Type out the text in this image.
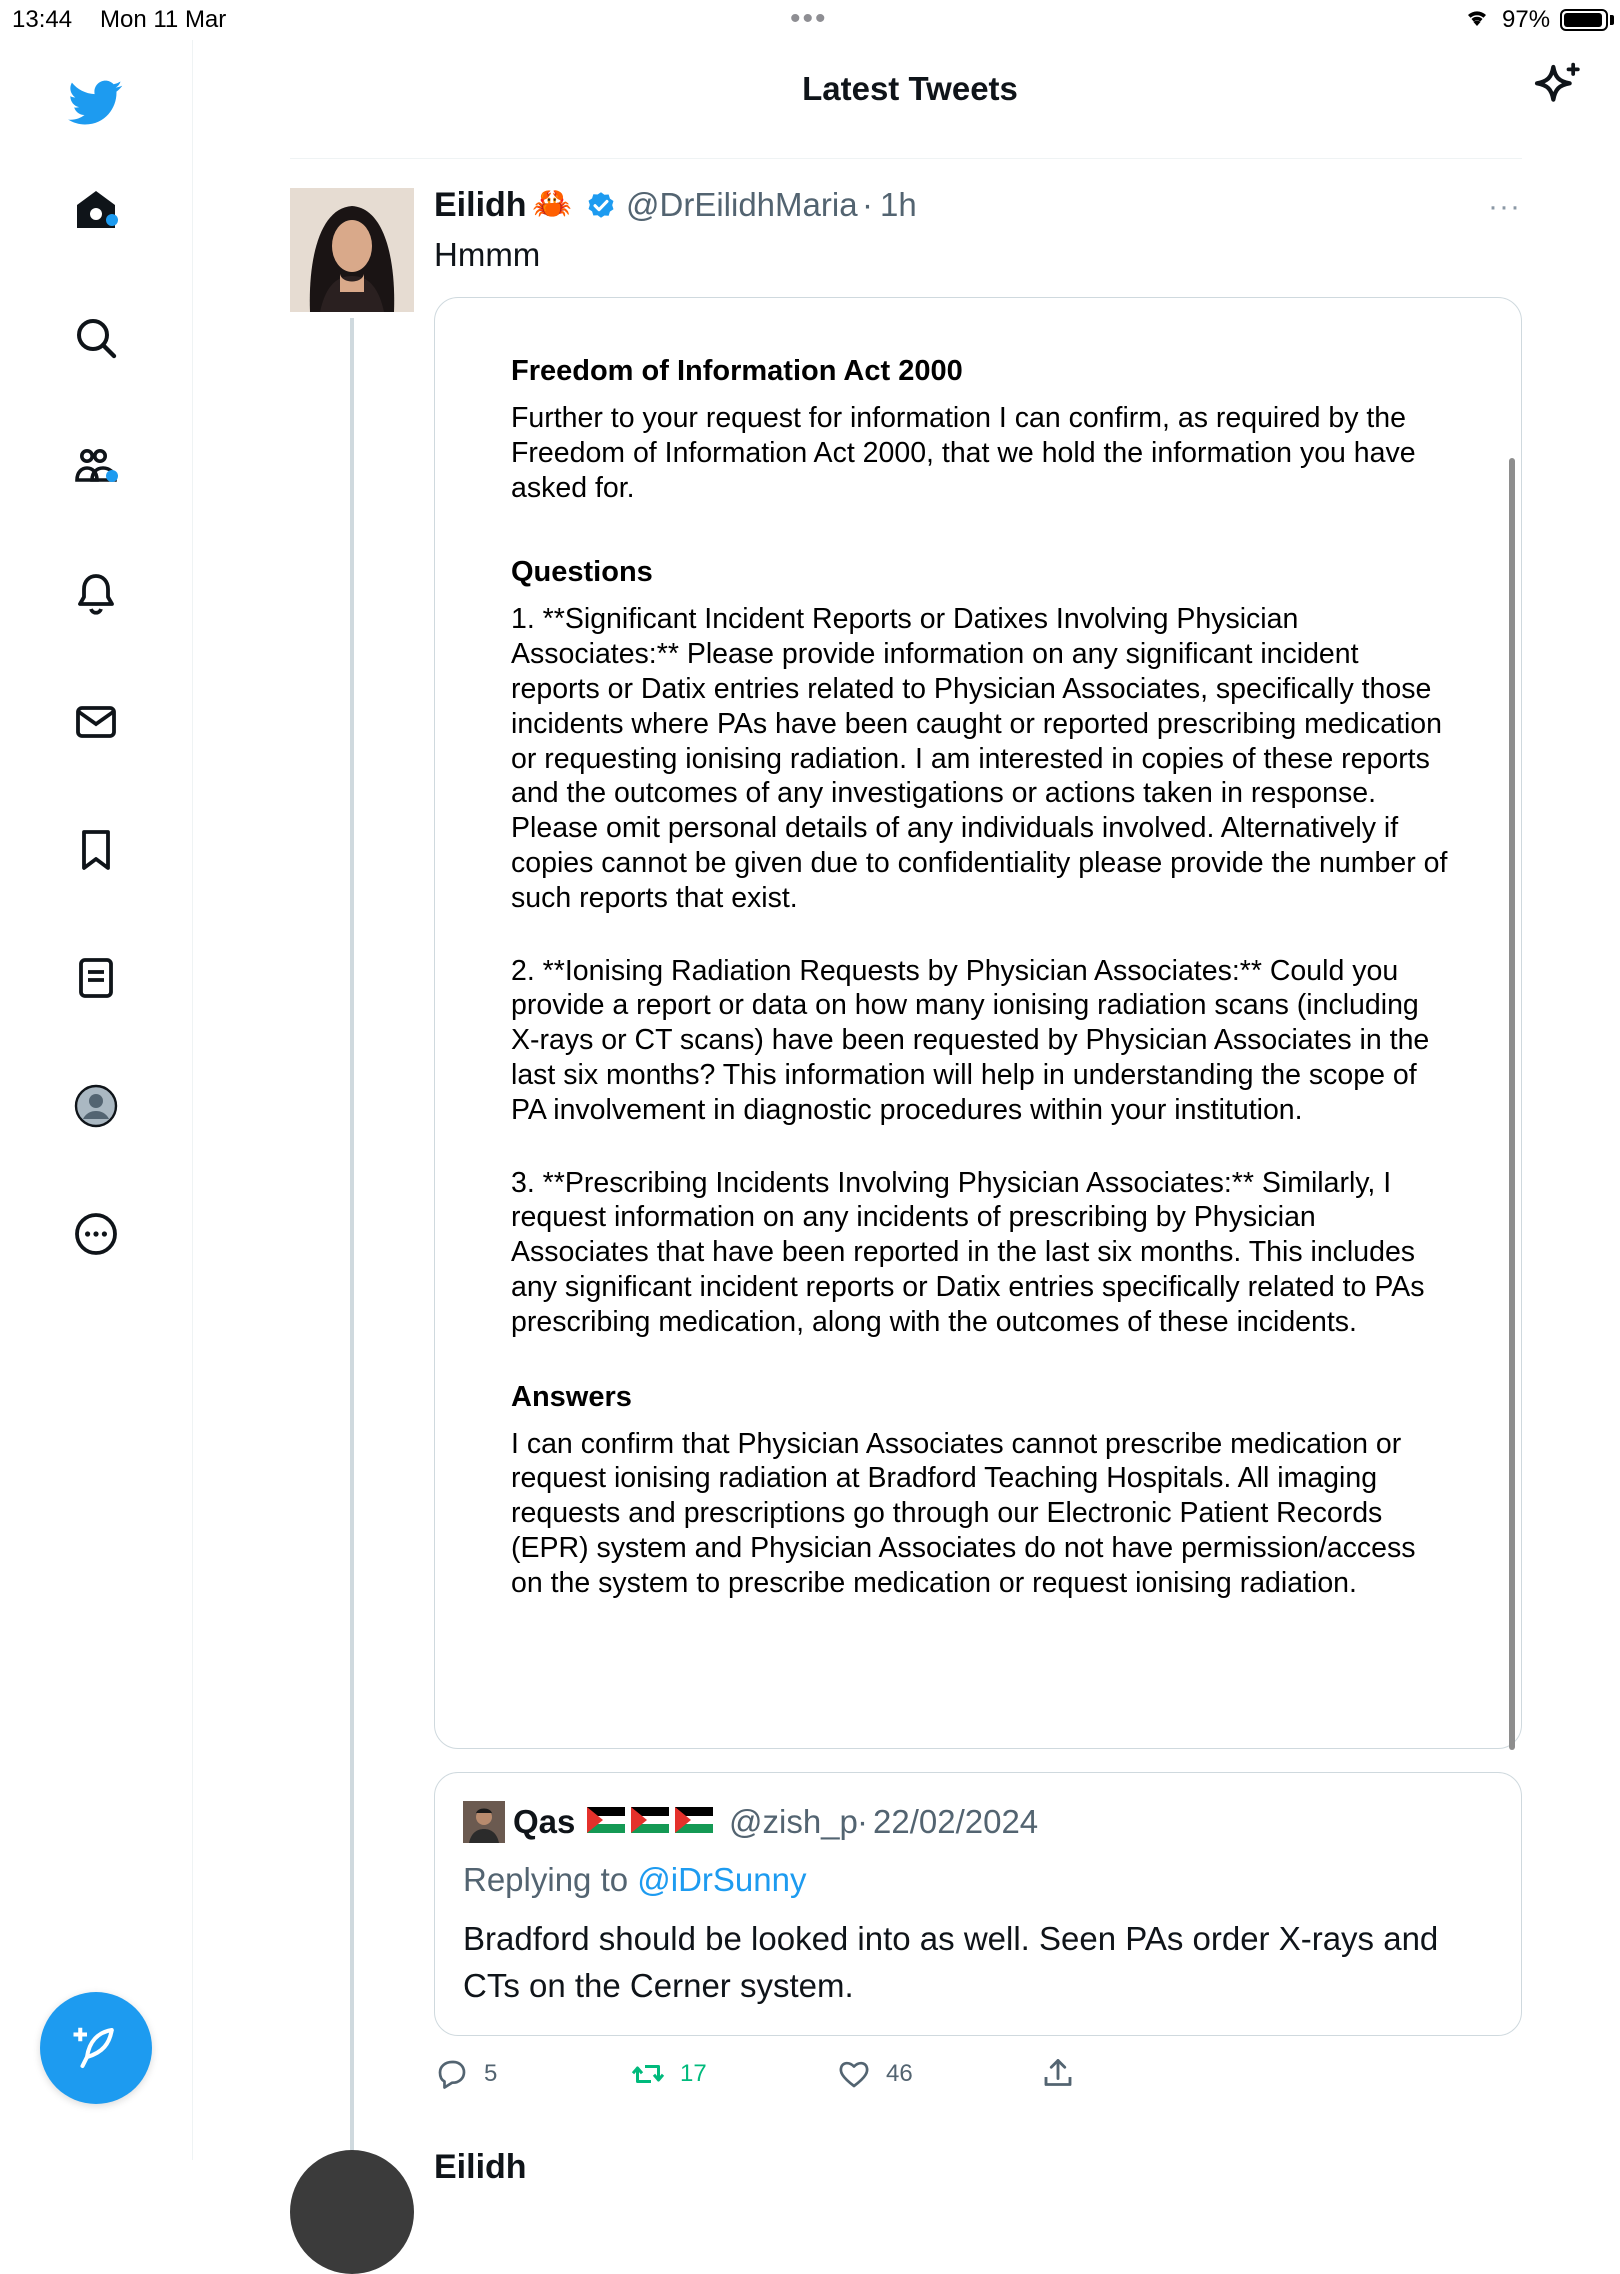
13:44 Mon 11 Mar	•••	97%
Latest Tweets
Eilidh 🦀 @DrEilidhMaria · 1h	···
Hmmm
Freedom of Information Act 2000
Further to your request for information I can confirm, as required by the Freedom of Information Act 2000, that we hold the information you have asked for.
Questions
1. **Significant Incident Reports or Datixes Involving Physician Associates:** Please provide information on any significant incident reports or Datix entries related to Physician Associates, specifically those incidents where PAs have been caught or reported prescribing medication or requesting ionising radiation. I am interested in copies of these reports and the outcomes of any investigations or actions taken in response. Please omit personal details of any individuals involved. Alternatively if copies cannot be given due to confidentiality please provide the number of such reports that exist.
2. **Ionising Radiation Requests by Physician Associates:** Could you provide a report or data on how many ionising radiation scans (including X-rays or CT scans) have been requested by Physician Associates in the last six months? This information will help in understanding the scope of PA involvement in diagnostic procedures within your institution.
3. **Prescribing Incidents Involving Physician Associates:** Similarly, I request information on any incidents of prescribing by Physician Associates that have been reported in the last six months. This includes any significant incident reports or Datix entries specifically related to PAs prescribing medication, along with the outcomes of these incidents.
Answers
I can confirm that Physician Associates cannot prescribe medication or request ionising radiation at Bradford Teaching Hospitals. All imaging requests and prescriptions go through our Electronic Patient Records (EPR) system and Physician Associates do not have permission/access on the system to prescribe medication or request ionising radiation.
Qas	@zish_p · 22/02/2024
Replying to @iDrSunny
Bradford should be looked into as well. Seen PAs order X-rays and CTs on the Cerner system.
5	17	46
Eilidh
